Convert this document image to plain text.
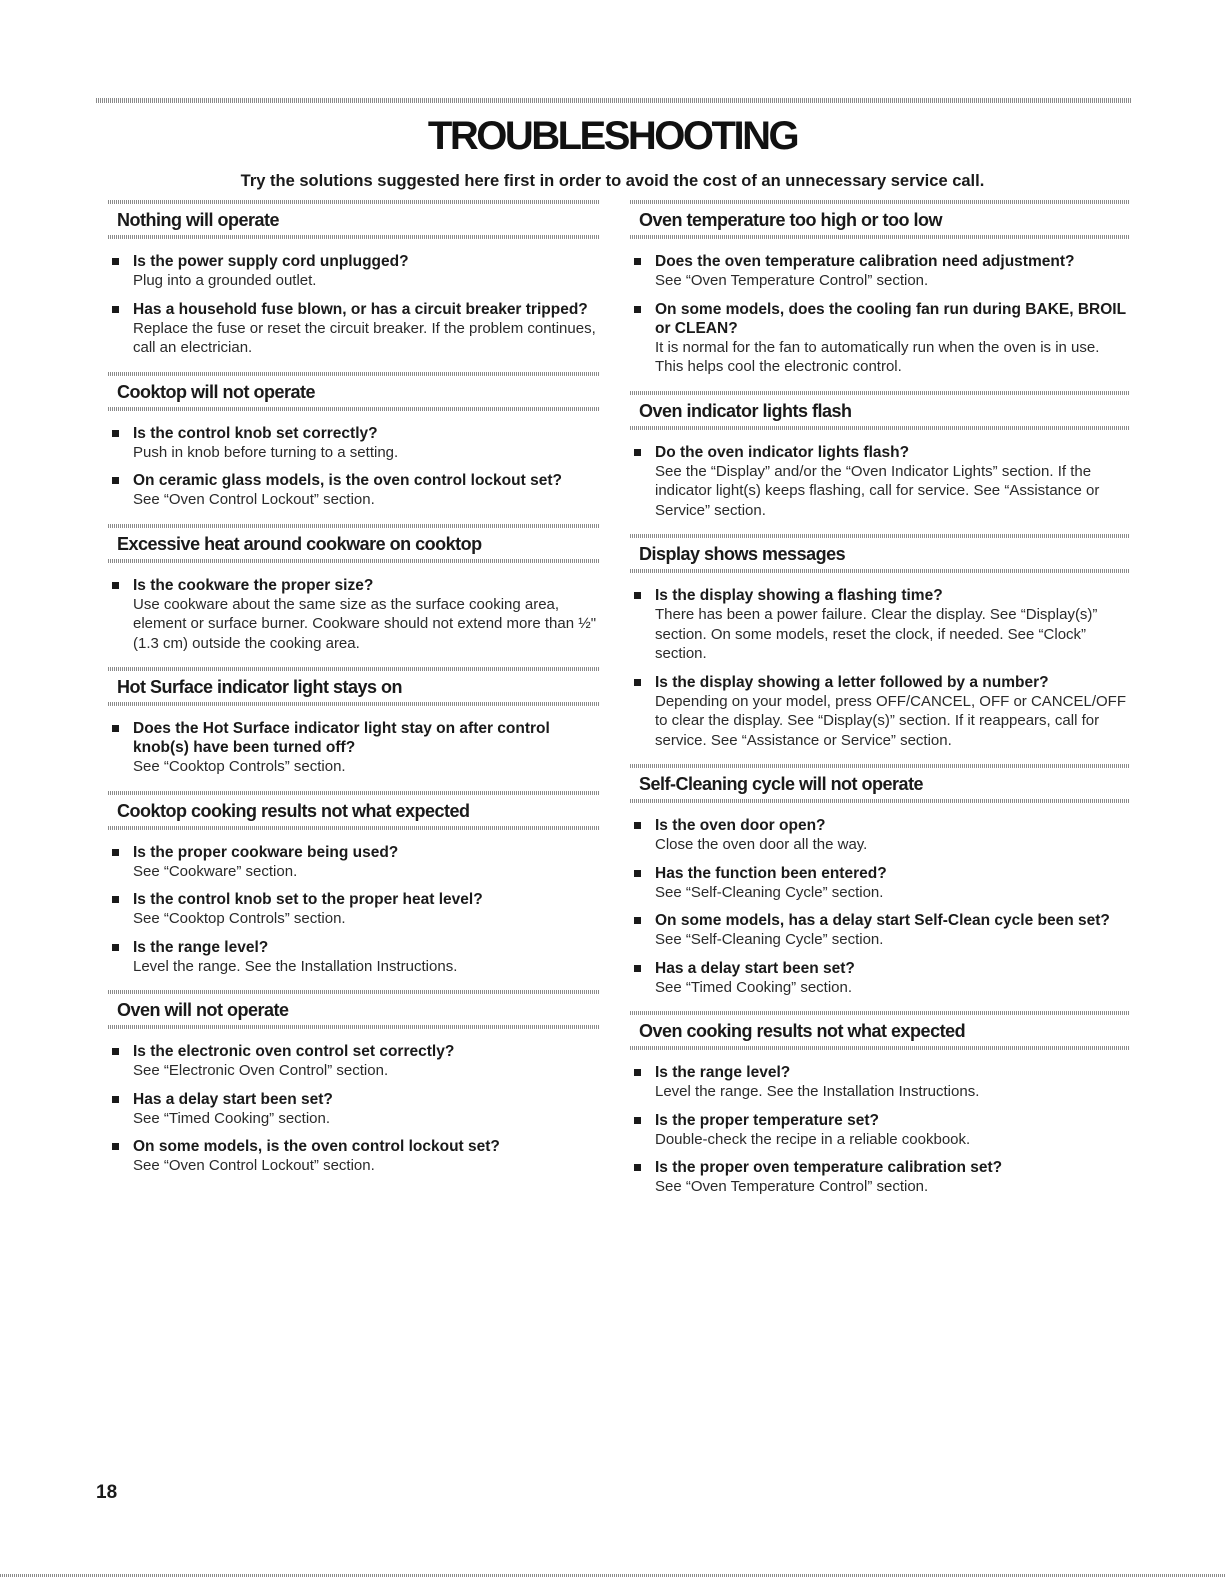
TROUBLESHOOTING

Try the solutions suggested here first in order to avoid the cost of an unnecessary service call.

Nothing will operate

Is the power supply cord unplugged?

Plug into a grounded outlet.

Has a household fuse blown, or has a circuit breaker tripped?

Replace the fuse or reset the circuit breaker. If the problem continues, call an electrician.

Cooktop will not operate

Is the control knob set correctly?

Push in knob before turning to a setting.

On ceramic glass models, is the oven control lockout set?

See “Oven Control Lockout” section.

Excessive heat around cookware on cooktop

Is the cookware the proper size?

Use cookware about the same size as the surface cooking area, element or surface burner. Cookware should not extend more than ½" (1.3 cm) outside the cooking area.

Hot Surface indicator light stays on

Does the Hot Surface indicator light stay on after control knob(s) have been turned off?

See “Cooktop Controls” section.

Cooktop cooking results not what expected

Is the proper cookware being used?

See “Cookware” section.

Is the control knob set to the proper heat level?

See “Cooktop Controls” section.

Is the range level?

Level the range. See the Installation Instructions.

Oven will not operate

Is the electronic oven control set correctly?

See “Electronic Oven Control” section.

Has a delay start been set?

See “Timed Cooking” section.

On some models, is the oven control lockout set?

See “Oven Control Lockout” section.

Oven temperature too high or too low

Does the oven temperature calibration need adjustment?

See “Oven Temperature Control” section.

On some models, does the cooling fan run during BAKE, BROIL or CLEAN?

It is normal for the fan to automatically run when the oven is in use. This helps cool the electronic control.

Oven indicator lights flash

Do the oven indicator lights flash?

See the “Display” and/or the “Oven Indicator Lights” section. If the indicator light(s) keeps flashing, call for service. See “Assistance or Service” section.

Display shows messages

Is the display showing a flashing time?

There has been a power failure. Clear the display. See “Display(s)” section. On some models, reset the clock, if needed. See “Clock” section.

Is the display showing a letter followed by a number?

Depending on your model, press OFF/CANCEL, OFF or CANCEL/OFF to clear the display. See “Display(s)” section. If it reappears, call for service. See “Assistance or Service” section.

Self-Cleaning cycle will not operate

Is the oven door open?

Close the oven door all the way.

Has the function been entered?

See “Self-Cleaning Cycle” section.

On some models, has a delay start Self-Clean cycle been set?

See “Self-Cleaning Cycle” section.

Has a delay start been set?

See “Timed Cooking” section.

Oven cooking results not what expected

Is the range level?

Level the range. See the Installation Instructions.

Is the proper temperature set?

Double-check the recipe in a reliable cookbook.

Is the proper oven temperature calibration set?

See “Oven Temperature Control” section.

18
